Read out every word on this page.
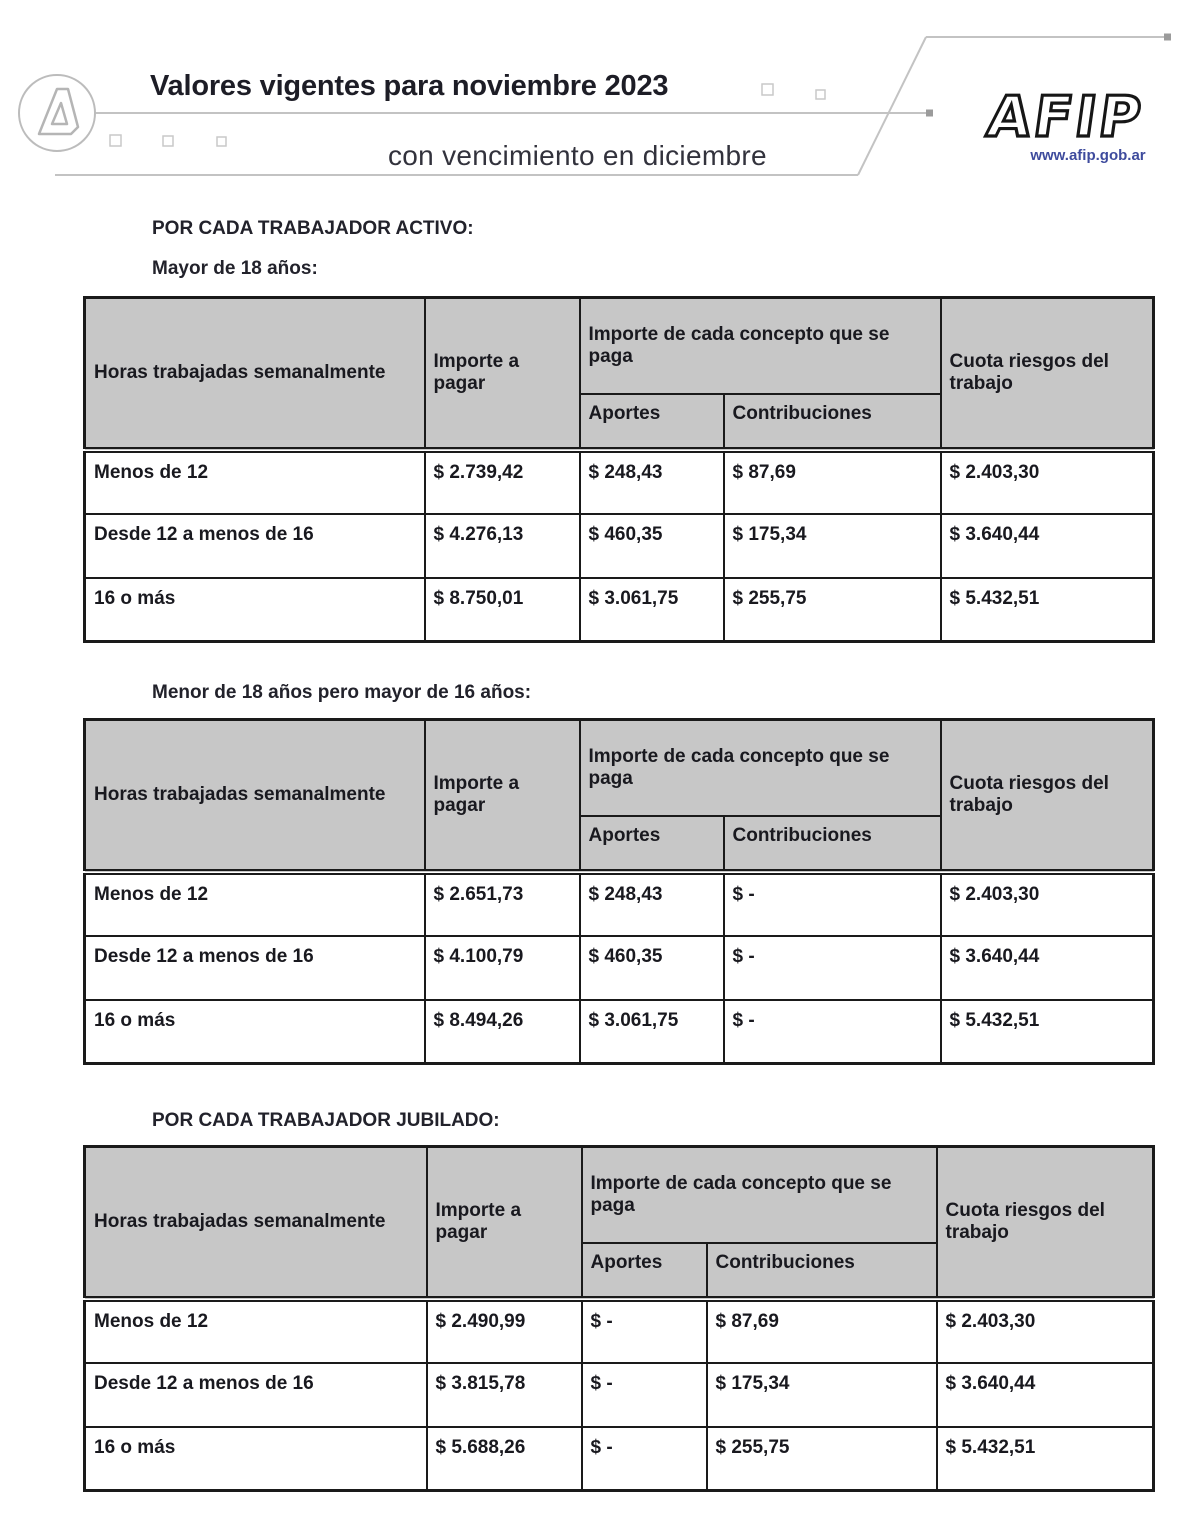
AFIP
www.afip.gob.ar
Valores vigentes para noviembre 2023
con vencimiento en diciembre
POR CADA TRABAJADOR ACTIVO:
Mayor de 18 años:
Horas trabajadas semanalmente	Importe a pagar	Importe de cada concepto que se paga		Cuota riesgos del trabajo
		Aportes	Contribuciones	
Menos de 12	$ 2.739,42	$ 248,43	$ 87,69	$ 2.403,30
Desde 12 a menos de 16	$ 4.276,13	$ 460,35	$ 175,34	$ 3.640,44
16 o más	$ 8.750,01	$ 3.061,75	$ 255,75	$ 5.432,51
Menor de 18 años pero mayor de 16 años:
Horas trabajadas semanalmente	Importe a pagar	Importe de cada concepto que se paga		Cuota riesgos del trabajo
		Aportes	Contribuciones	
Menos de 12	$ 2.651,73	$ 248,43	$ -	$ 2.403,30
Desde 12 a menos de 16	$ 4.100,79	$ 460,35	$ -	$ 3.640,44
16 o más	$ 8.494,26	$ 3.061,75	$ -	$ 5.432,51
POR CADA TRABAJADOR JUBILADO:
Horas trabajadas semanalmente	Importe a pagar	Importe de cada concepto que se paga		Cuota riesgos del trabajo
		Aportes	Contribuciones	
Menos de 12	$ 2.490,99	$ -	$ 87,69	$ 2.403,30
Desde 12 a menos de 16	$ 3.815,78	$ -	$ 175,34	$ 3.640,44
16 o más	$ 5.688,26	$ -	$ 255,75	$ 5.432,51
